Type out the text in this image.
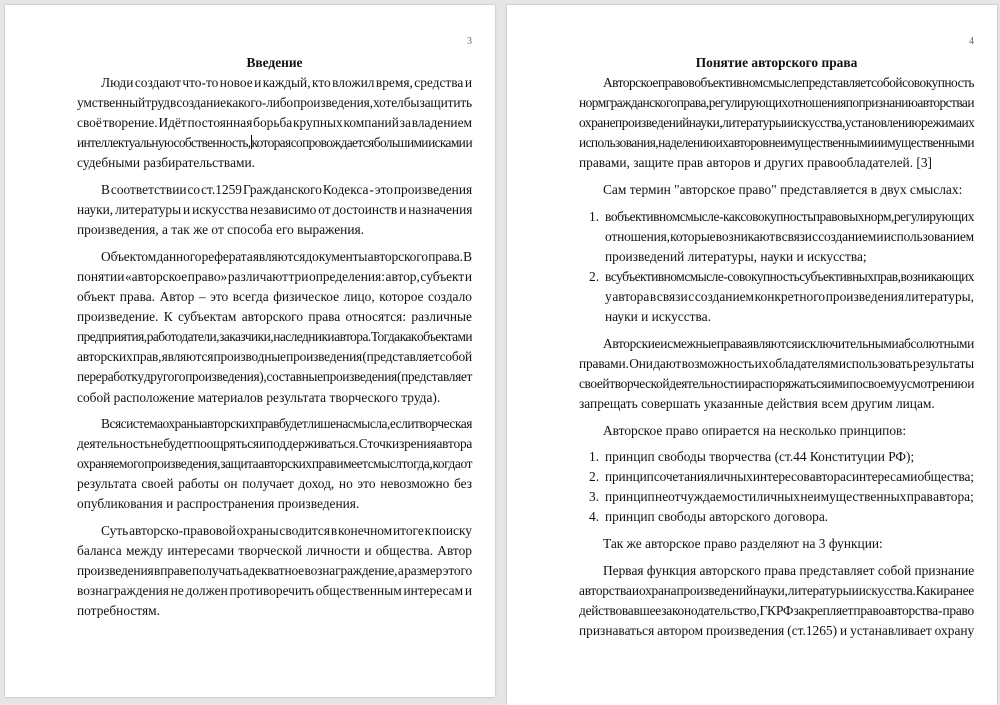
3
Введение
Люди создают что-то новое и каждый, кто вложил время, средства и
умственный труд в создание какого-либо произведения, хотел бы защитить
своё творение. Идёт постоянная борьба крупных компаний за владением
интеллектуальную собственность,которая сопровождается большими исками и
судебными разбирательствами.
В соответствии со ст.1259 Гражданского Кодекса - это произведения
науки, литературы и искусства независимо от достоинств и назначения
произведения, а так же от способа его выражения.
Объектом данного реферата являются документы авторского права. В
понятии «авторское право» различают три определения: автор, субъект и
объект права. Автор – это всегда физическое лицо, которое создало
произведение. К субъектам авторского права относятся: различные
предприятия, работодатели, заказчики, наследники автора. Тогда как объектами
авторских прав, являются производные произведения (представляет собой
переработку другого произведения), составные произведения (представляет
собой расположение материалов результата творческого труда).
Вся система охраны авторских прав будет лишена смысла, если творческая
деятельность не будет поощряться и поддерживаться. С точки зрения автора
охраняемого произведения, защита авторских прав имеет смысл тогда, когда от
результата своей работы он получает доход, но это невозможно без
опубликования и распространения произведения.
Суть авторско-правовой охраны сводится в конечном итоге к поиску
баланса между интересами творческой личности и общества. Автор
произведения вправе получать адекватное вознаграждение, а размер этого
вознаграждения не должен противоречить общественным интересам и
потребностям.
4
Понятие авторского права
Авторское право в объективном смысле представляет собой совокупность
норм гражданского права, регулирующих отношения по признанию авторства и
охране произведений науки, литературы и искусства, установлению режима их
использования, наделению их авторов неимущественными и имущественными
правами, защите прав авторов и других правообладателей. [3]
Сам термин "авторское право" представляется в двух смыслах:
1. в объективном смысле - как совокупность правовых норм, регулирующих
отношения, которые возникают в связи с созданием и использованием
произведений литературы, науки и искусства;
2. в субъективном смысле - совокупность субъективных прав, возникающих
у автора в связи с созданием конкретного произведения литературы,
науки и искусства.
Авторские и смежные права являются исключительными абсолютными
правами. Они дают возможность их обладателям использовать результаты
своей творческой деятельности и распоряжаться ими по своему усмотрению и
запрещать совершать указанные действия всем другим лицам.
Авторское право опирается на несколько принципов:
1. принцип свободы творчества (ст.44 Конституции РФ);
2. принцип сочетания личных интересов автора с интересами общества;
3. принцип неотчуждаемости личных неимущественных прав автора;
4. принцип свободы авторского договора.
Так же авторское право разделяют на 3 функции:
Первая функция авторского права представляет собой признание
авторства и охрана произведений науки, литературы и искусства. Как и ранее
действовавшее законодательство, ГК РФ закрепляет право авторства - право
признаваться автором произведения (ст.1265) и устанавливает охрану
